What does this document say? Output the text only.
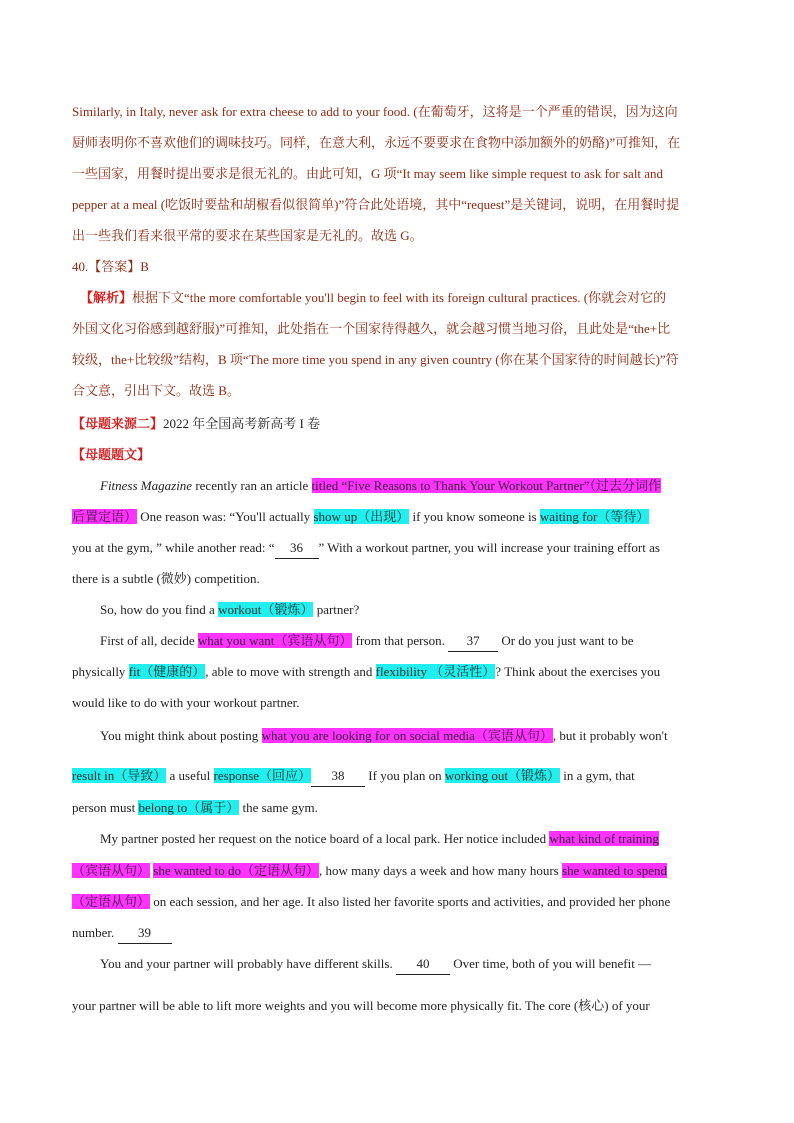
Similarly, in Italy, never ask for extra cheese to add to your food. (在葡萄牙，这将是一个严重的错误，因为这向
厨师表明你不喜欢他们的调味技巧。同样，在意大利，永远不要要求在食物中添加额外的奶酪)”可推知，在
一些国家，用餐时提出要求是很无礼的。由此可知，G 项“It may seem like simple request to ask for salt and
pepper at a meal (吃饭时要盐和胡椒看似很简单)”符合此处语境，其中“request”是关键词，说明，在用餐时提
出一些我们看来很平常的要求在某些国家是无礼的。故选 G。
40.【答案】B
【解析】根据下文“the more comfortable you'll begin to feel with its foreign cultural practices. (你就会对它的
外国文化习俗感到越舒服)”可推知，此处指在一个国家待得越久，就会越习惯当地习俗，且此处是“the+比
较级，the+比较级”结构，B 项“The more time you spend in any given country (你在某个国家待的时间越长)”符
合文意，引出下文。故选 B。
【母题来源二】2022 年全国高考新高考 I 卷
【母题题文】
Fitness Magazine recently ran an article titled “Five Reasons to Thank Your Workout Partner”（过去分词作
后置定语） One reason was: “You'll actually show up（出现） if you know someone is waiting for（等待）
you at the gym, ” while another read: “ 36 ” With a workout partner, you will increase your training effort as
there is a subtle (微妙) competition.
So, how do you find a workout（锻炼） partner?
First of all, decide what you want（宾语从句） from that person. 37 Or do you just want to be
physically fit（健康的）, able to move with strength and flexibility （灵活性）? Think about the exercises you
would like to do with your workout partner.
You might think about posting what you are looking for on social media（宾语从句）, but it probably won't
result in（导致） a useful response（回应） 38 If you plan on working out（锻炼） in a gym, that
person must belong to（属于） the same gym.
My partner posted her request on the notice board of a local park. Her notice included what kind of training
（宾语从句） she wanted to do（定语从句）, how many days a week and how many hours she wanted to spend
（定语从句） on each session, and her age. It also listed her favorite sports and activities, and provided her phone
number. 39
You and your partner will probably have different skills. 40 Over time, both of you will benefit —
your partner will be able to lift more weights and you will become more physically fit. The core (核心) of your
